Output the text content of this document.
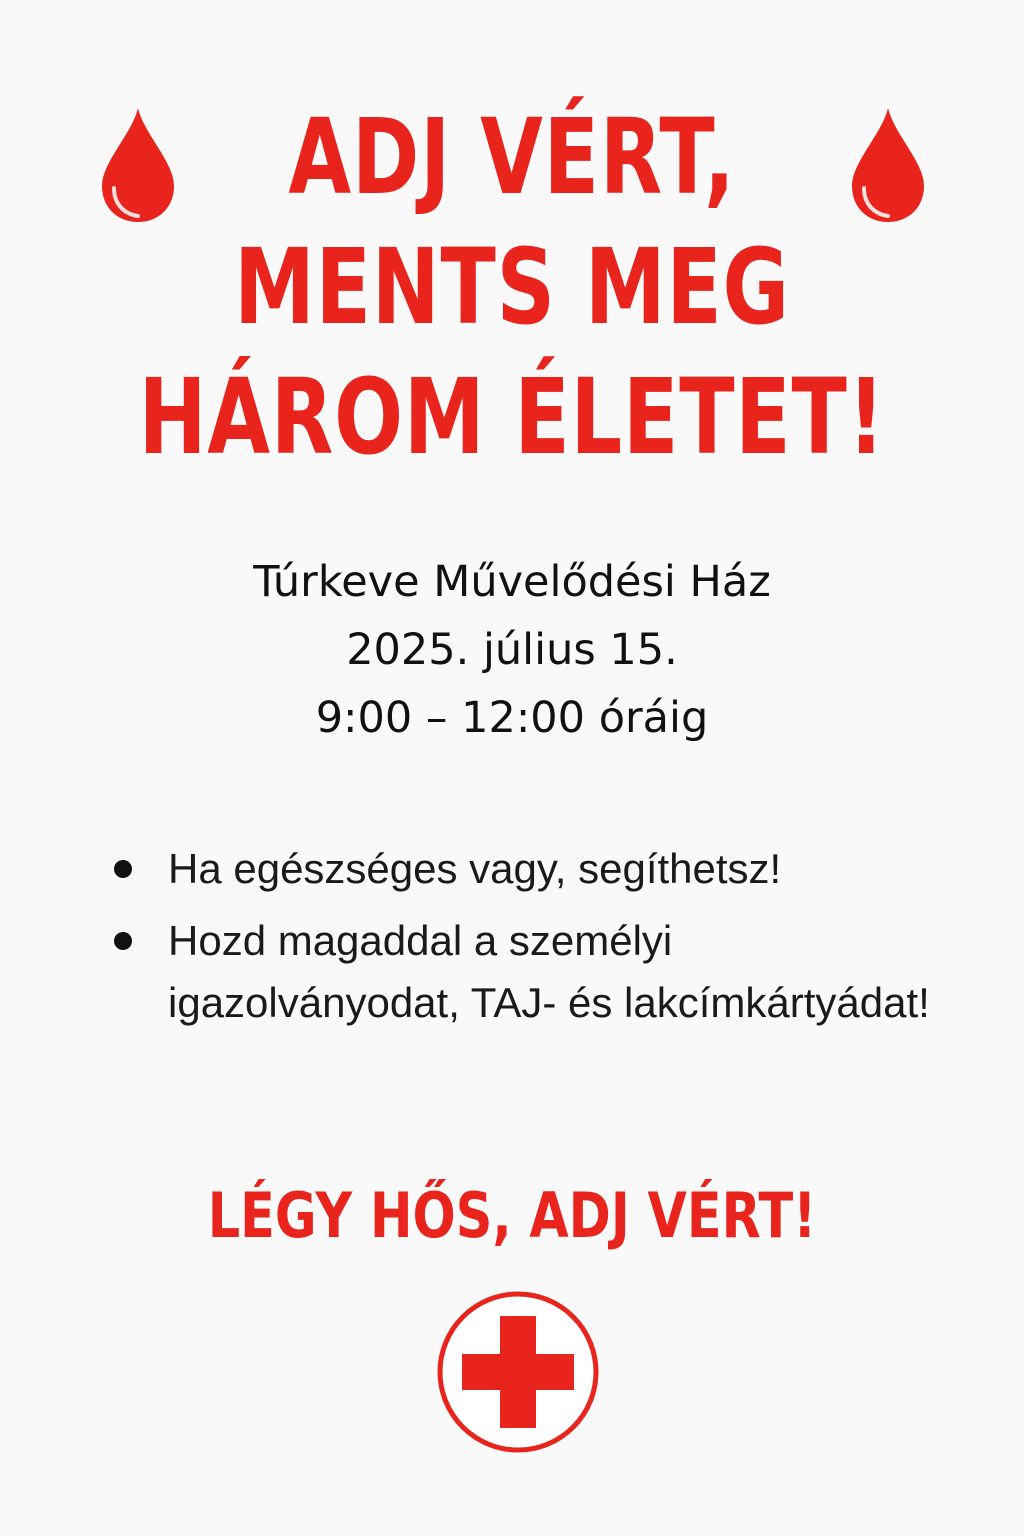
ADJ VÉRT,
MENTS MEG
HÁROM ÉLETET!
Túrkeve Művelődési Ház
2025. július 15.
9:00 – 12:00 óráig
Ha egészséges vagy, segíthetsz!
Hozd magaddal a személyi igazolványodat, TAJ- és lakcímkártyádat!
LÉGY HŐS, ADJ VÉRT!
